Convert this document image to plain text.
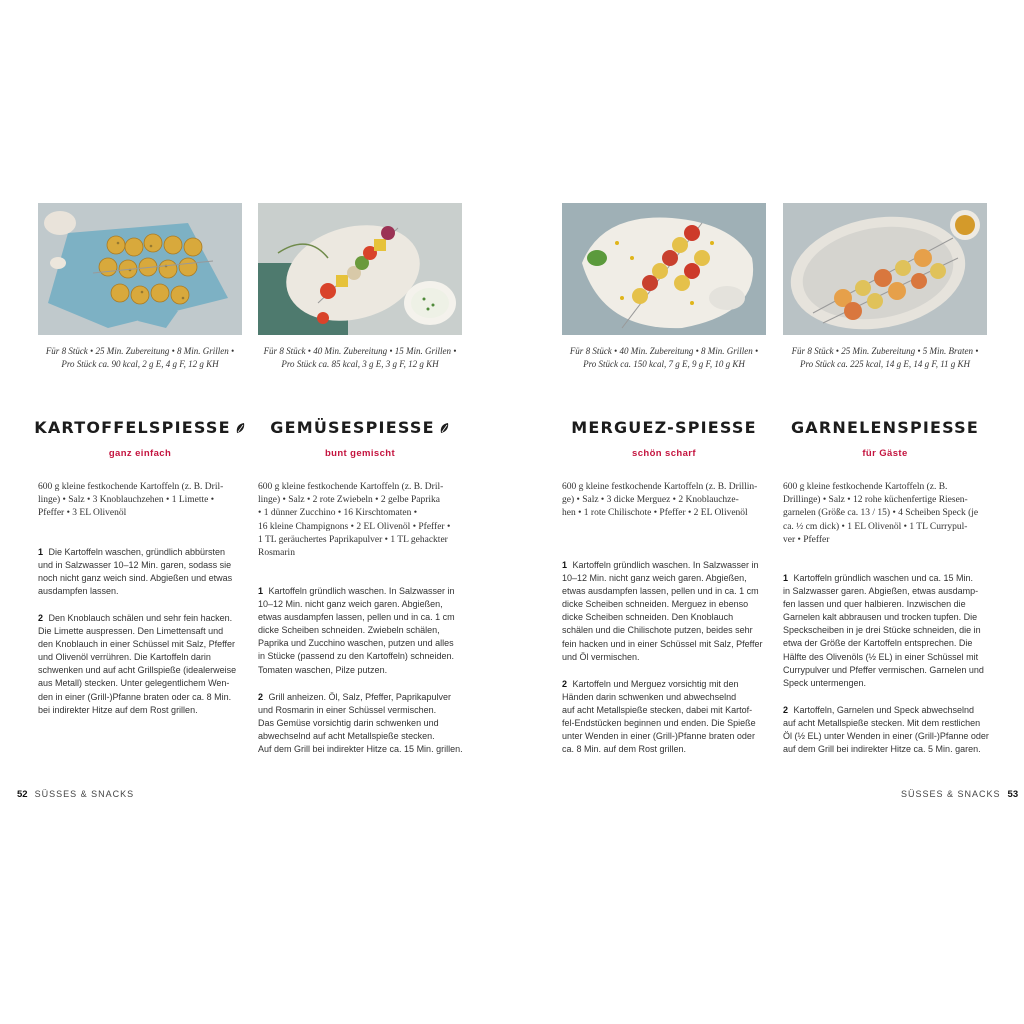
Für 8 Stück • 25 Min. Zubereitung • 8 Min. Grillen •
Pro Stück ca. 90 kcal, 2 g E, 4 g F, 12 g KH
KARTOFFELSPIESSE
ganz einfach
600 g kleine festkochende Kartoffeln (z. B. Dril-
linge) • Salz • 3 Knoblauchzehen • 1 Limette •
Pfeffer • 3 EL Olivenöl
1 Die Kartoffeln waschen, gründlich abbürsten
und in Salzwasser 10–12 Min. garen, sodass sie
noch nicht ganz weich sind. Abgießen und etwas
ausdampfen lassen.
2 Den Knoblauch schälen und sehr fein hacken.
Die Limette auspressen. Den Limettensaft und
den Knoblauch in einer Schüssel mit Salz, Pfeffer
und Olivenöl verrühren. Die Kartoffeln darin
schwenken und auf acht Grillspieße (idealerweise
aus Metall) stecken. Unter gelegentlichem Wen-
den in einer (Grill-)Pfanne braten oder ca. 8 Min.
bei indirekter Hitze auf dem Rost grillen.
Für 8 Stück • 40 Min. Zubereitung • 15 Min. Grillen •
Pro Stück ca. 85 kcal, 3 g E, 3 g F, 12 g KH
GEMÜSESPIESSE
bunt gemischt
600 g kleine festkochende Kartoffeln (z. B. Dril-
linge) • Salz • 2 rote Zwiebeln • 2 gelbe Paprika
• 1 dünner Zucchino • 16 Kirschtomaten •
16 kleine Champignons • 2 EL Olivenöl • Pfeffer •
1 TL geräuchertes Paprikapulver • 1 TL gehackter
Rosmarin
1 Kartoffeln gründlich waschen. In Salzwasser in
10–12 Min. nicht ganz weich garen. Abgießen,
etwas ausdampfen lassen, pellen und in ca. 1 cm
dicke Scheiben schneiden. Zwiebeln schälen,
Paprika und Zucchino waschen, putzen und alles
in Stücke (passend zu den Kartoffeln) schneiden.
Tomaten waschen, Pilze putzen.
2 Grill anheizen. Öl, Salz, Pfeffer, Paprikapulver
und Rosmarin in einer Schüssel vermischen.
Das Gemüse vorsichtig darin schwenken und
abwechselnd auf acht Metallspieße stecken.
Auf dem Grill bei indirekter Hitze ca. 15 Min. grillen.
52 SÜSSES & SNACKS
Für 8 Stück • 40 Min. Zubereitung • 8 Min. Grillen •
Pro Stück ca. 150 kcal, 7 g E, 9 g F, 10 g KH
MERGUEZ-SPIESSE
schön scharf
600 g kleine festkochende Kartoffeln (z. B. Drillin-
ge) • Salz • 3 dicke Merguez • 2 Knoblauchze-
hen • 1 rote Chilischote • Pfeffer • 2 EL Olivenöl
1 Kartoffeln gründlich waschen. In Salzwasser in
10–12 Min. nicht ganz weich garen. Abgießen,
etwas ausdampfen lassen, pellen und in ca. 1 cm
dicke Scheiben schneiden. Merguez in ebenso
dicke Scheiben schneiden. Den Knoblauch
schälen und die Chilischote putzen, beides sehr
fein hacken und in einer Schüssel mit Salz, Pfeffer
und Öl vermischen.
2 Kartoffeln und Merguez vorsichtig mit den
Händen darin schwenken und abwechselnd
auf acht Metallspieße stecken, dabei mit Kartof-
fel-Endstücken beginnen und enden. Die Spieße
unter Wenden in einer (Grill-)Pfanne braten oder
ca. 8 Min. auf dem Rost grillen.
Für 8 Stück • 25 Min. Zubereitung • 5 Min. Braten •
Pro Stück ca. 225 kcal, 14 g E, 14 g F, 11 g KH
GARNELENSPIESSE
für Gäste
600 g kleine festkochende Kartoffeln (z. B.
Drillinge) • Salz • 12 rohe küchenfertige Riesen-
garnelen (Größe ca. 13 / 15) • 4 Scheiben Speck (je
ca. ½ cm dick) • 1 EL Olivenöl • 1 TL Currypul-
ver • Pfeffer
1 Kartoffeln gründlich waschen und ca. 15 Min.
in Salzwasser garen. Abgießen, etwas ausdamp-
fen lassen und quer halbieren. Inzwischen die
Garnelen kalt abbrausen und trocken tupfen. Die
Speckscheiben in je drei Stücke schneiden, die in
etwa der Größe der Kartoffeln entsprechen. Die
Hälfte des Olivenöls (½ EL) in einer Schüssel mit
Currypulver und Pfeffer vermischen. Garnelen und
Speck untermengen.
2 Kartoffeln, Garnelen und Speck abwechselnd
auf acht Metallspieße stecken. Mit dem restlichen
Öl (½ EL) unter Wenden in einer (Grill-)Pfanne oder
auf dem Grill bei indirekter Hitze ca. 5 Min. garen.
SÜSSES & SNACKS 53
